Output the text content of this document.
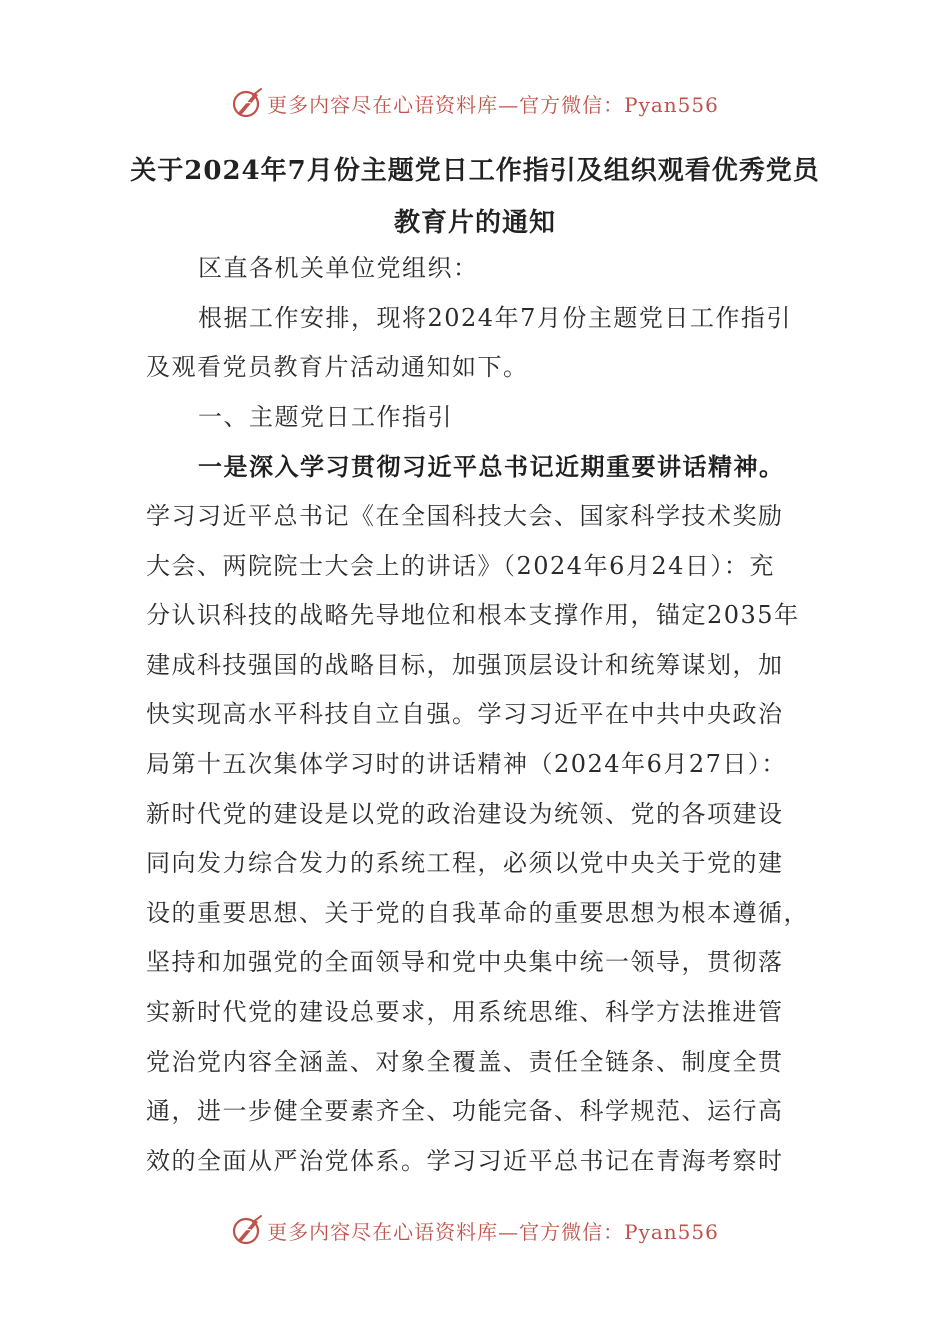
更多内容尽在心语资料库—官方微信：Pyan556
关于2024年7月份主题党日工作指引及组织观看优秀党员
教育片的通知

区直各机关单位党组织：

根据工作安排，现将2024年7月份主题党日工作指引

及观看党员教育片活动通知如下。

一、主题党日工作指引

一是深入学习贯彻习近平总书记近期重要讲话精神。

学习习近平总书记《在全国科技大会、国家科学技术奖励

大会、两院院士大会上的讲话》（2024年6月24日）：充

分认识科技的战略先导地位和根本支撑作用，锚定2035年

建成科技强国的战略目标，加强顶层设计和统筹谋划，加

快实现高水平科技自立自强。学习习近平在中共中央政治

局第十五次集体学习时的讲话精神（2024年6月27日）：

新时代党的建设是以党的政治建设为统领、党的各项建设

同向发力综合发力的系统工程，必须以党中央关于党的建

设的重要思想、关于党的自我革命的重要思想为根本遵循，

坚持和加强党的全面领导和党中央集中统一领导，贯彻落

实新时代党的建设总要求，用系统思维、科学方法推进管

党治党内容全涵盖、对象全覆盖、责任全链条、制度全贯

通，进一步健全要素齐全、功能完备、科学规范、运行高

效的全面从严治党体系。学习习近平总书记在青海考察时

更多内容尽在心语资料库—官方微信：Pyan556
